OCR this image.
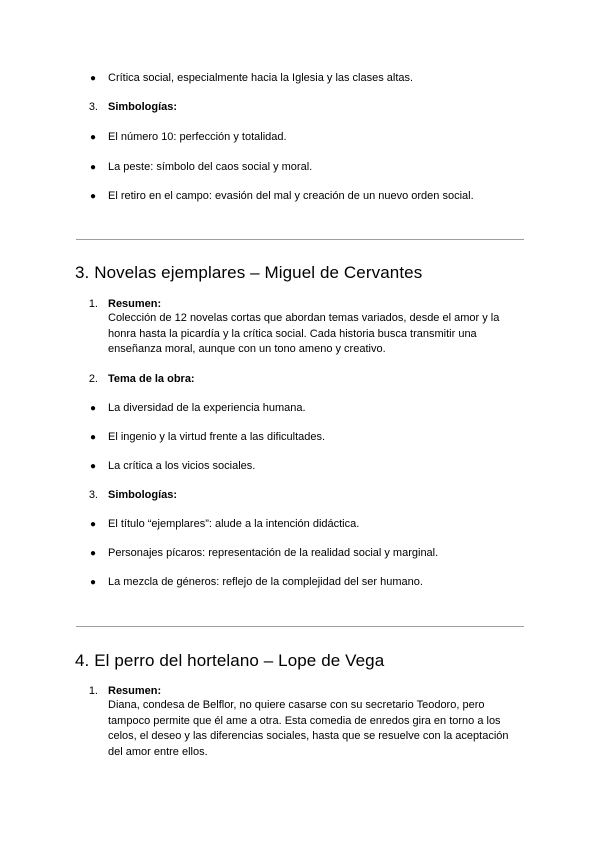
●	Crítica social, especialmente hacia la Iglesia y las clases altas.
3. Simbologías:
●	El número 10: perfección y totalidad.
●	La peste: símbolo del caos social y moral.
●	El retiro en el campo: evasión del mal y creación de un nuevo orden social.
3. Novelas ejemplares – Miguel de Cervantes
1. Resumen:
Colección de 12 novelas cortas que abordan temas variados, desde el amor y la
honra hasta la picardía y la crítica social. Cada historia busca transmitir una
enseñanza moral, aunque con un tono ameno y creativo.
2. Tema de la obra:
●	La diversidad de la experiencia humana.
●	El ingenio y la virtud frente a las dificultades.
●	La crítica a los vicios sociales.
3. Simbologías:
●	El título “ejemplares”: alude a la intención didáctica.
●	Personajes pícaros: representación de la realidad social y marginal.
●	La mezcla de géneros: reflejo de la complejidad del ser humano.
4. El perro del hortelano – Lope de Vega
1. Resumen:
Diana, condesa de Belflor, no quiere casarse con su secretario Teodoro, pero
tampoco permite que él ame a otra. Esta comedia de enredos gira en torno a los
celos, el deseo y las diferencias sociales, hasta que se resuelve con la aceptación
del amor entre ellos.
